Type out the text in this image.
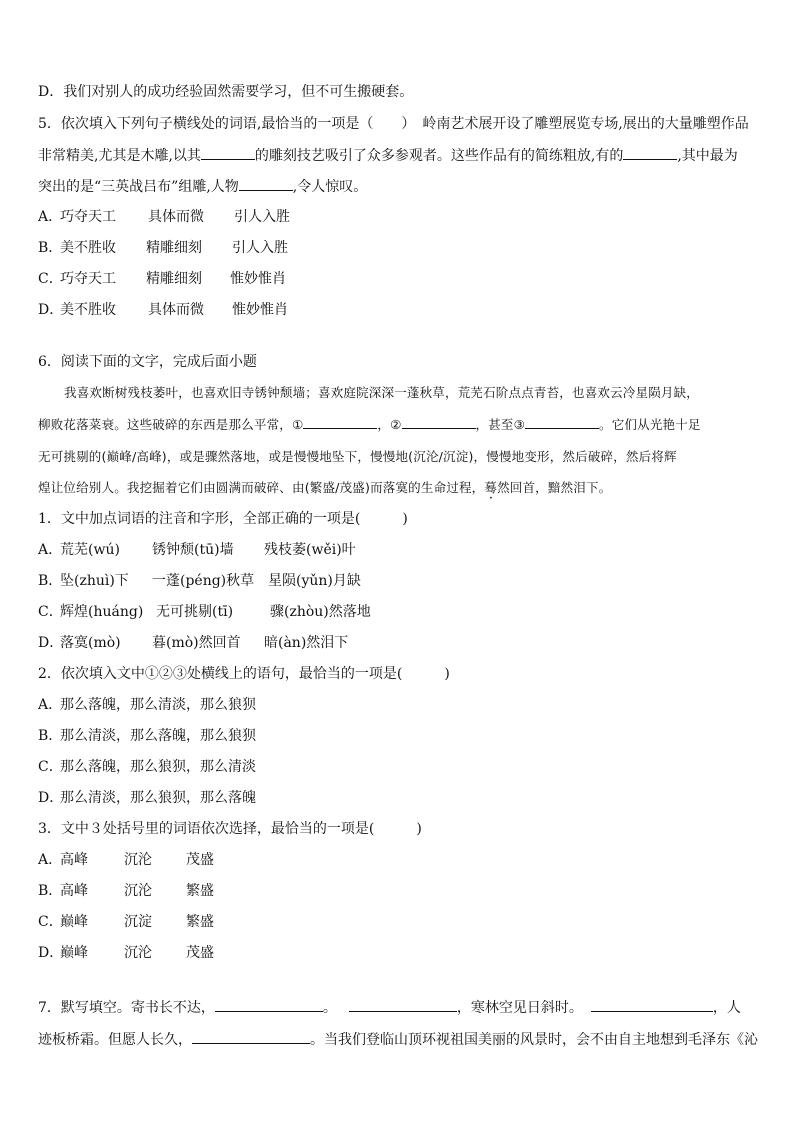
D．我们对别人的成功经验固然需要学习，但不可生搬硬套。
5．依次填入下列句子横线处的词语,最恰当的一项是（　　）　岭南艺术展开设了雕塑展览专场,展出的大量雕塑作品
非常精美,尤其是木雕,以其	的雕刻技艺吸引了众多参观者。这些作品有的简练粗放,有的	,其中最为
突出的是“三英战吕布”组雕,人物	,令人惊叹。
A．巧夺天工 具体而微 引人入胜
B．美不胜收 精雕细刻 引人入胜
C．巧夺天工 精雕细刻 惟妙惟肖
D．美不胜收 具体而微 惟妙惟肖
6．阅读下面的文字，完成后面小题
我喜欢断树残枝萎叶，也喜欢旧寺锈钟颓墙；喜欢庭院深深一蓬秋草，荒芜石阶点点青苔，也喜欢云冷星陨月缺，
柳败花落菜衰。这些破碎的东西是那么平常，①	，②	，甚至③	。它们从光艳十足
无可挑剔的(巅峰/高峰)，或是骤然落地，或是慢慢地坠下，慢慢地(沉沦/沉淀)，慢慢地变形，然后破碎，然后将辉
煌让位给别人。我挖掘着它们由圆满而破碎、由(繁盛/茂盛)而落寞的生命过程，蓦然回首，黯然泪下。
1．文中加点词语的注音和字形，全部正确的一项是(　　　)
A．荒芜(wú) 锈钟颓(tū)墙 残枝萎(wěi)叶
B．坠(zhuì)下 一蓬(péng)秋草 星陨(yǔn)月缺
C．辉煌(huáng) 无可挑剔(tī)	骤(zhòu)然落地
D．落寞(mò) 暮(mò)然回首 暗(àn)然泪下
2．依次填入文中①②③处横线上的语句，最恰当的一项是(　　　)
A．那么落魄，那么清淡，那么狼狈
B．那么清淡，那么落魄，那么狼狈
C．那么落魄，那么狼狈，那么清淡
D．那么清淡，那么狼狈，那么落魄
3．文中３处括号里的词语依次选择，最恰当的一项是(　　　)
A．高峰	沉沦 茂盛
B．高峰	沉沦 繁盛
C．巅峰	沉淀 繁盛
D．巅峰	沉沦 茂盛
7．默写填空。寄书长不达，	。	，寒林空见日斜时。	，人
迹板桥霜。但愿人长久，	。当我们登临山顶环视祖国美丽的风景时，会不由自主地想到毛泽东《沁
